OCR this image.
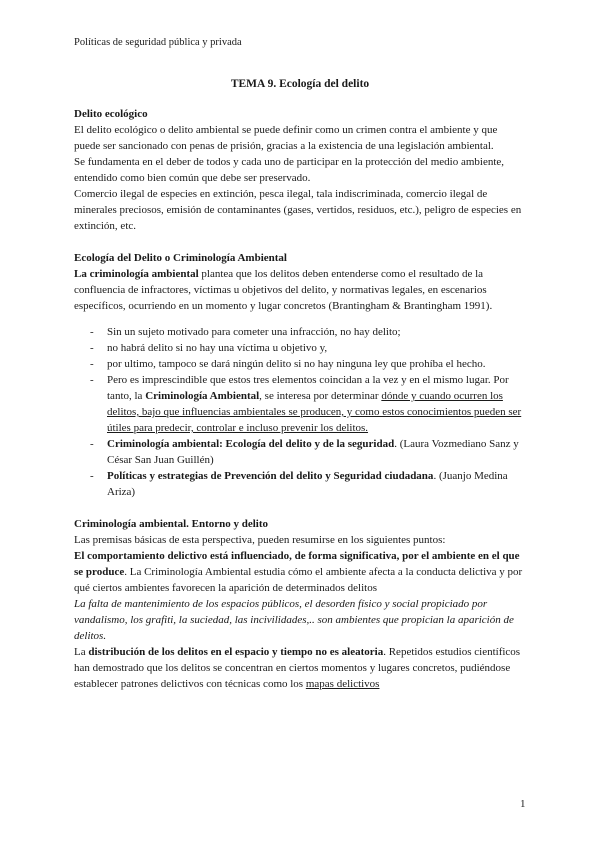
Políticas de seguridad pública y privada
TEMA 9. Ecología del delito

Delito ecológico

El delito ecológico o delito ambiental se puede definir como un crimen contra el ambiente y que puede ser sancionado con penas de prisión, gracias a la existencia de una legislación ambiental.

Se fundamenta en el deber de todos y cada uno de participar en la protección del medio ambiente, entendido como bien común que debe ser preservado.

Comercio ilegal de especies en extinción, pesca ilegal, tala indiscriminada, comercio ilegal de minerales preciosos, emisión de contaminantes (gases, vertidos, residuos, etc.), peligro de especies en extinción, etc.

Ecología del Delito o Criminología Ambiental

La criminología ambiental plantea que los delitos deben entenderse como el resultado de la confluencia de infractores, víctimas u objetivos del delito, y normativas legales, en escenarios específicos, ocurriendo en un momento y lugar concretos (Brantingham & Brantingham 1991).

- Sin un sujeto motivado para cometer una infracción, no hay delito;
- no habrá delito si no hay una víctima u objetivo y,
- por ultimo, tampoco se dará ningún delito si no hay ninguna ley que prohíba el hecho.
- Pero es imprescindible que estos tres elementos coincidan a la vez y en el mismo lugar. Por tanto, la Criminología Ambiental, se interesa por determinar dónde y cuando ocurren los delitos, bajo que influencias ambientales se producen, y como estos conocimientos pueden ser útiles para predecir, controlar e incluso prevenir los delitos.
- Criminología ambiental: Ecología del delito y de la seguridad. (Laura Vozmediano Sanz y César San Juan Guillén)
- Políticas y estrategias de Prevención del delito y Seguridad ciudadana. (Juanjo Medina Ariza)

Criminología ambiental. Entorno y delito

Las premisas básicas de esta perspectiva, pueden resumirse en los siguientes puntos:

El comportamiento delictivo está influenciado, de forma significativa, por el ambiente en el que se produce. La Criminología Ambiental estudia cómo el ambiente afecta a la conducta delictiva y por qué ciertos ambientes favorecen la aparición de determinados delitos

La falta de mantenimiento de los espacios públicos, el desorden físico y social propiciado por vandalismo, los grafiti, la suciedad, las incivilidades,.. son ambientes que propician la aparición de delitos.

La distribución de los delitos en el espacio y tiempo no es aleatoria. Repetidos estudios científicos han demostrado que los delitos se concentran en ciertos momentos y lugares concretos, pudiéndose establecer patrones delictivos con técnicas como los mapas delictivos

1
